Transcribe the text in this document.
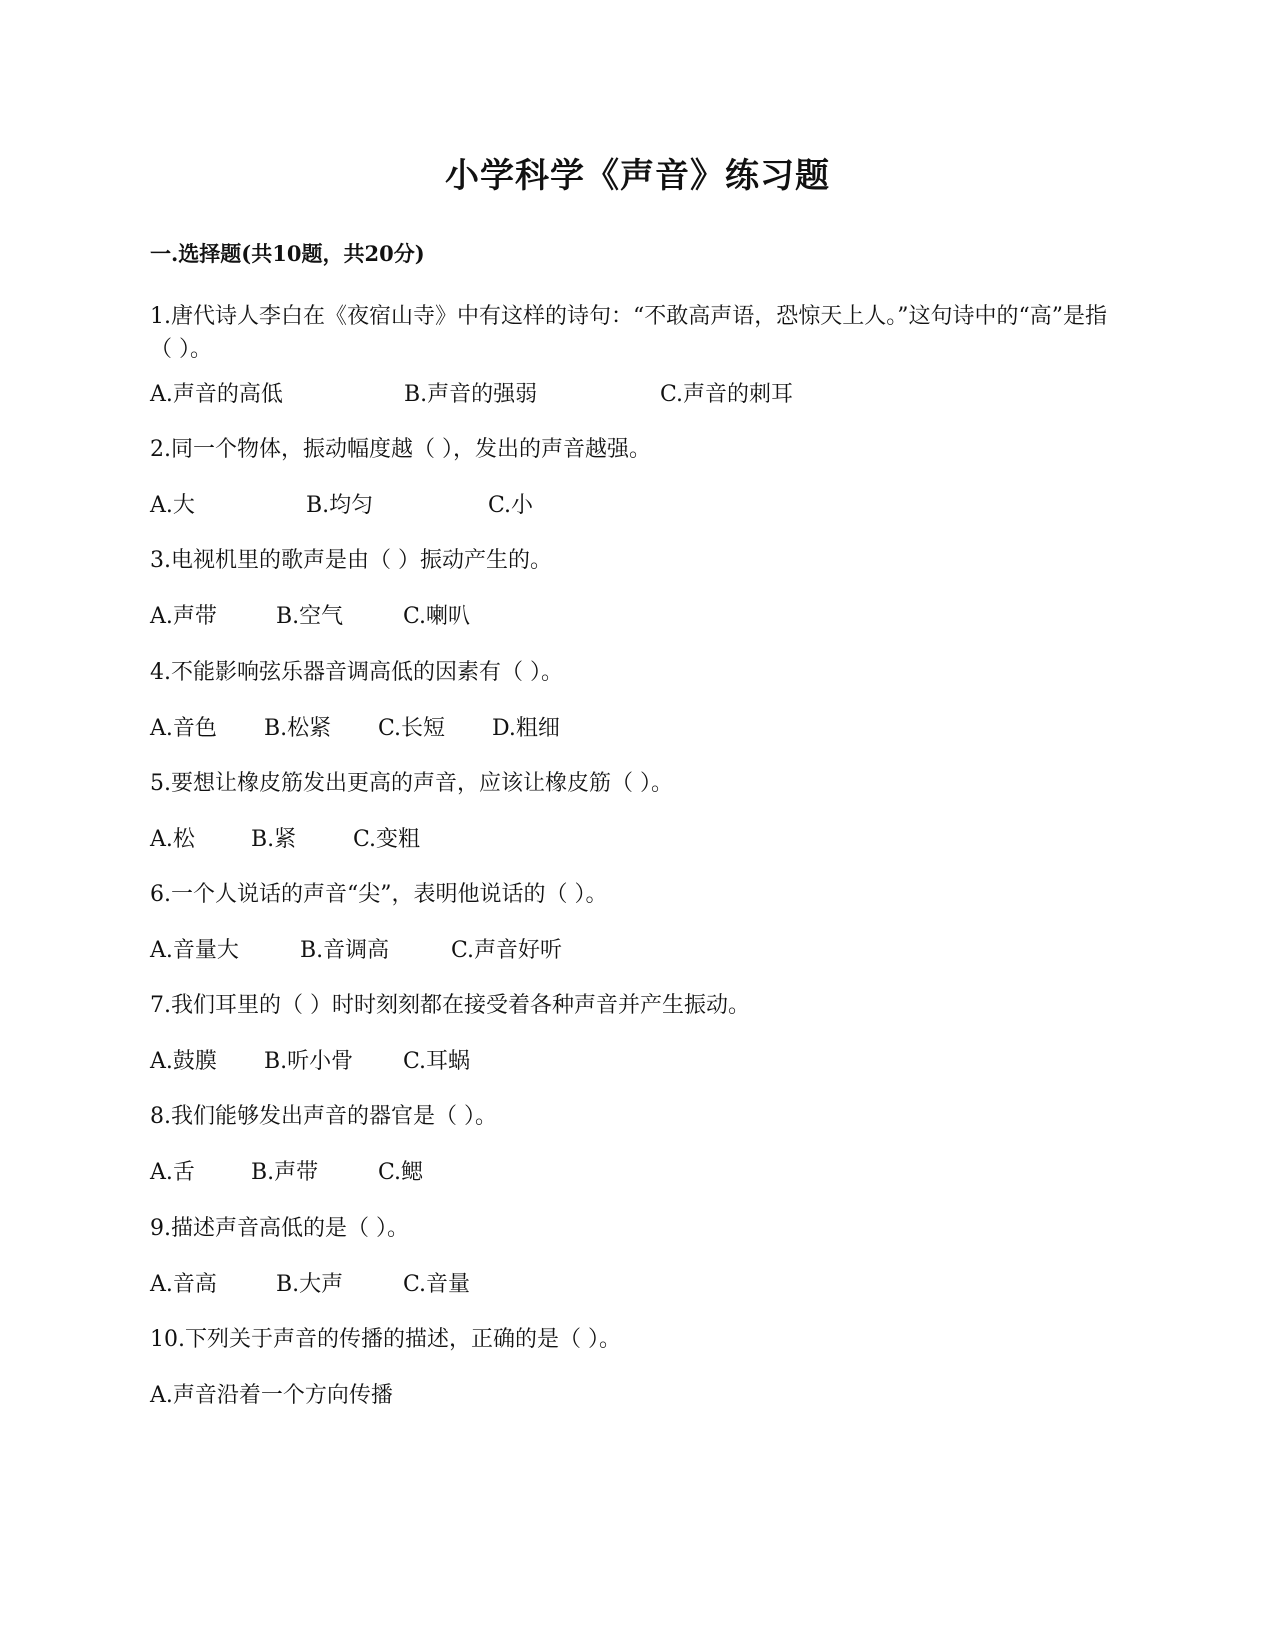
小学科学《声音》练习题
一.选择题(共10题，共20分)
1.唐代诗人李白在《夜宿山寺》中有这样的诗句：“不敢高声语，恐惊天上人。”这句诗中的“高”是指（ ）。
A.声音的高低	B.声音的强弱	C.声音的刺耳
2.同一个物体，振动幅度越（ ），发出的声音越强。
A.大	B.均匀	C.小
3.电视机里的歌声是由（ ）振动产生的。
A.声带	B.空气	C.喇叭
4.不能影响弦乐器音调高低的因素有（ ）。
A.音色 B.松紧 C.长短 D.粗细
5.要想让橡皮筋发出更高的声音，应该让橡皮筋（ ）。
A.松	B.紧	C.变粗
6.一个人说话的声音“尖”，表明他说话的（ ）。
A.音量大	B.音调高	C.声音好听
7.我们耳里的（ ）时时刻刻都在接受着各种声音并产生振动。
A.鼓膜 B.听小骨 C.耳蜗
8.我们能够发出声音的器官是（ ）。
A.舌	B.声带	C.鳃
9.描述声音高低的是（ ）。
A.音高	B.大声	C.音量
10.下列关于声音的传播的描述，正确的是（ ）。
A.声音沿着一个方向传播
